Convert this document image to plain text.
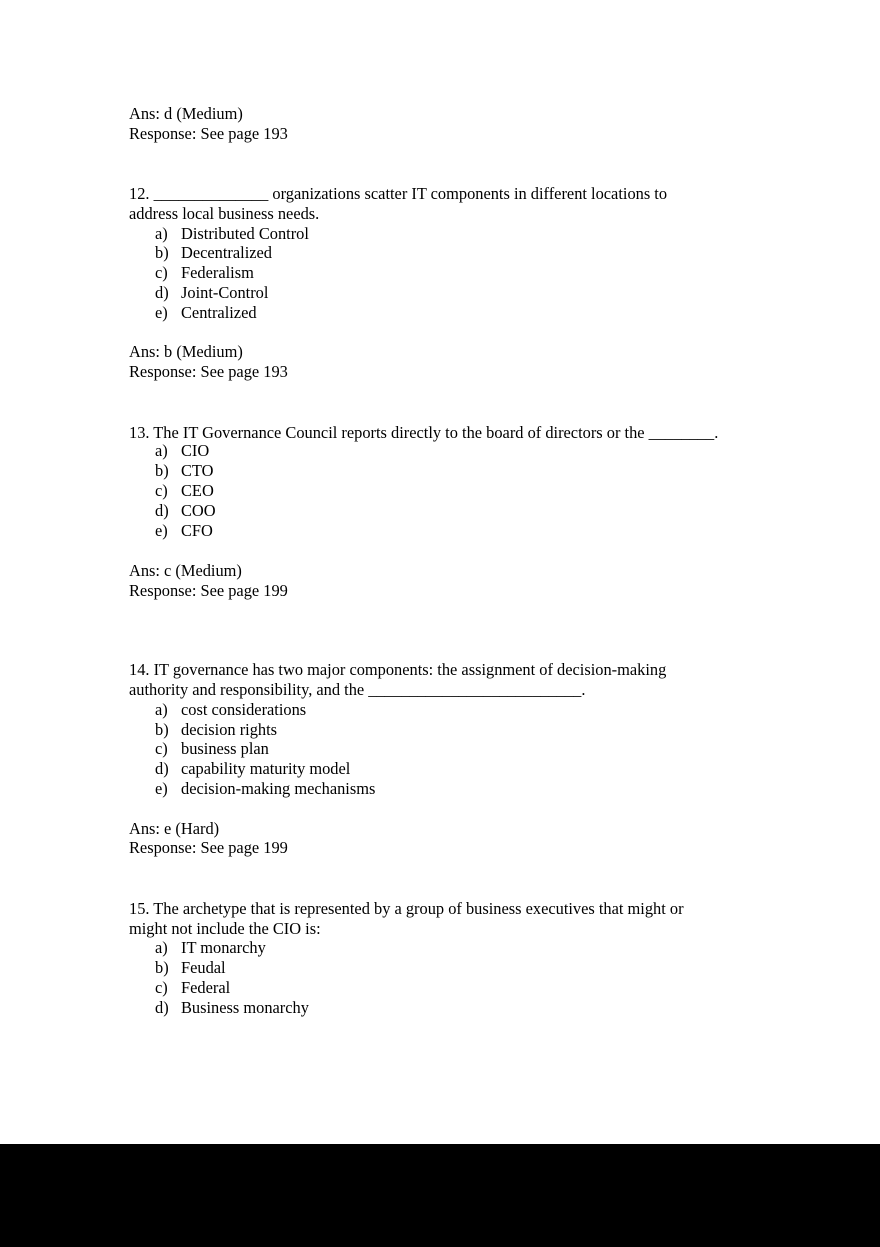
Ans: d (Medium)
Response: See page 193
12. ______________ organizations scatter IT components in different locations to
address local business needs.
a) Distributed Control
b) Decentralized
c) Federalism
d) Joint-Control
e) Centralized
Ans: b (Medium)
Response: See page 193
13. The IT Governance Council reports directly to the board of directors or the ________.
a) CIO
b) CTO
c) CEO
d) COO
e) CFO
Ans: c (Medium)
Response: See page 199
14. IT governance has two major components: the assignment of decision-making
authority and responsibility, and the __________________________.
a) cost considerations
b) decision rights
c) business plan
d) capability maturity model
e) decision-making mechanisms
Ans: e (Hard)
Response: See page 199
15. The archetype that is represented by a group of business executives that might or
might not include the CIO is:
a) IT monarchy
b) Feudal
c) Federal
d) Business monarchy
